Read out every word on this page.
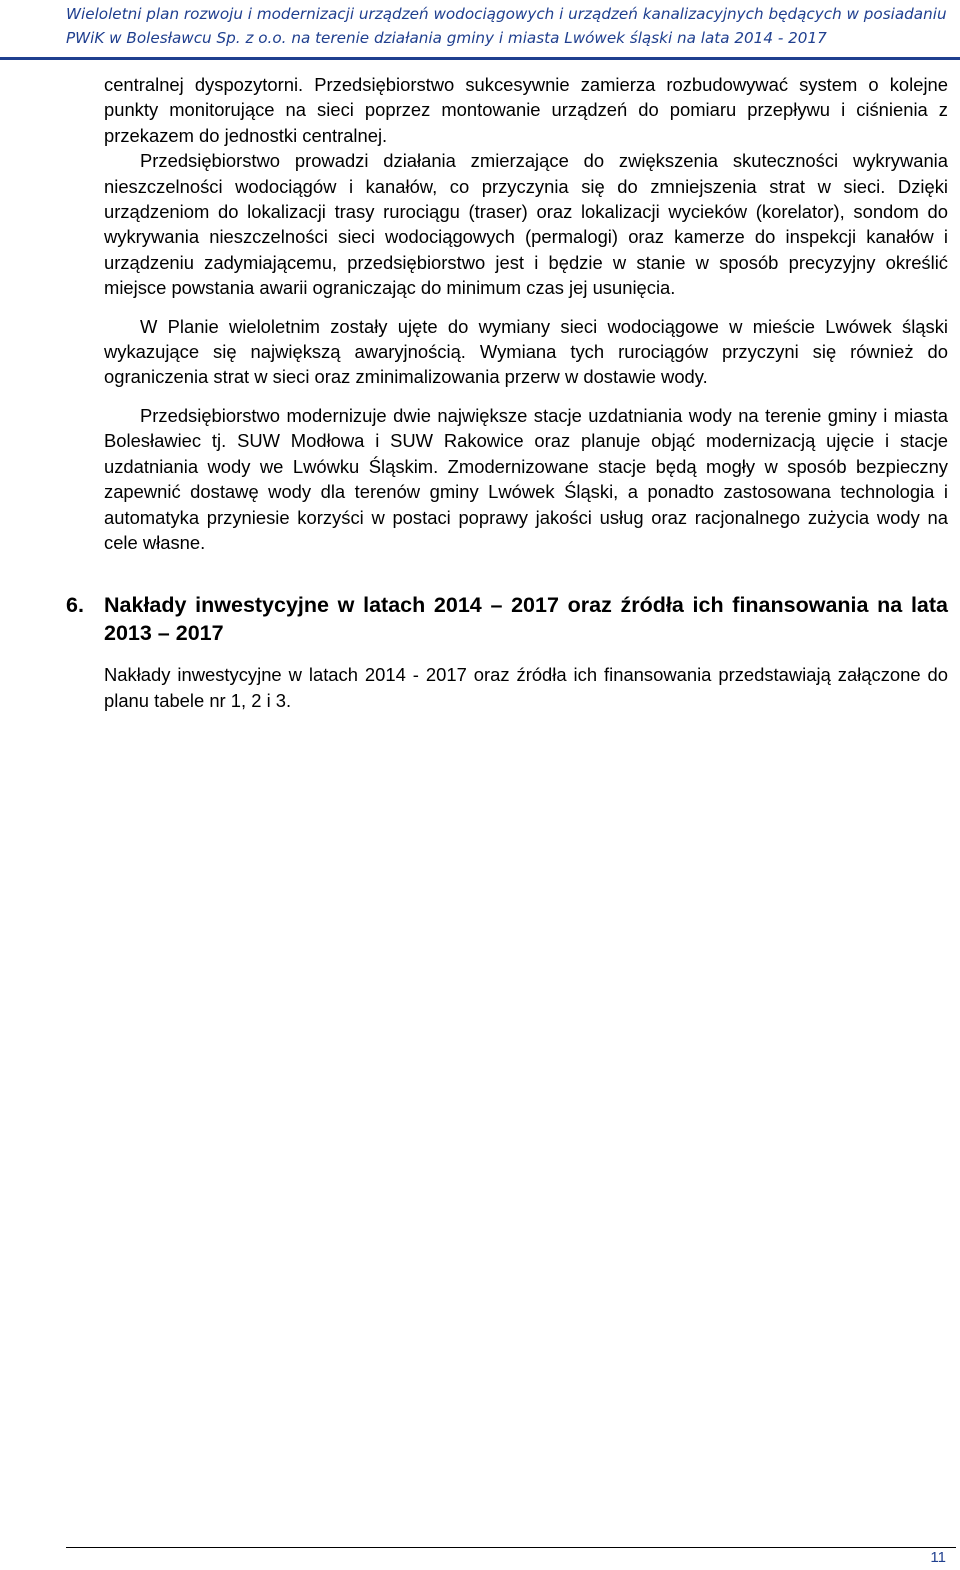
Wieloletni plan rozwoju i modernizacji urządzeń wodociągowych i urządzeń kanalizacyjnych będących w posiadaniu
PWiK w Bolesławcu Sp. z o.o. na terenie działania gminy i miasta Lwówek śląski na lata 2014 - 2017

centralnej dyspozytorni. Przedsiębiorstwo sukcesywnie zamierza rozbudowywać system o kolejne punkty monitorujące na sieci poprzez montowanie urządzeń do pomiaru przepływu i ciśnienia z przekazem do jednostki centralnej.

Przedsiębiorstwo prowadzi działania zmierzające do zwiększenia skuteczności wykrywania nieszczelności wodociągów i kanałów, co przyczynia się do zmniejszenia strat w sieci. Dzięki urządzeniom do lokalizacji trasy rurociągu (traser) oraz lokalizacji wycieków (korelator), sondom do wykrywania nieszczelności sieci wodociągowych (permalogi) oraz kamerze do inspekcji kanałów i urządzeniu zadymiającemu, przedsiębiorstwo jest i będzie w stanie w sposób precyzyjny określić miejsce powstania awarii ograniczając do minimum czas jej usunięcia.

W Planie wieloletnim zostały ujęte do wymiany sieci wodociągowe w mieście Lwówek śląski wykazujące się największą awaryjnością. Wymiana tych rurociągów przyczyni się również do ograniczenia strat w sieci oraz zminimalizowania przerw w dostawie wody.

Przedsiębiorstwo modernizuje dwie największe stacje uzdatniania wody na terenie gminy i miasta Bolesławiec tj. SUW Modłowa i SUW Rakowice oraz planuje objąć modernizacją ujęcie i stacje uzdatniania wody we Lwówku Śląskim. Zmodernizowane stacje będą mogły w sposób bezpieczny zapewnić dostawę wody dla terenów gminy Lwówek Śląski, a ponadto zastosowana technologia i automatyka przyniesie korzyści w postaci poprawy jakości usług oraz racjonalnego zużycia wody na cele własne.

6. Nakłady inwestycyjne w latach 2014 – 2017 oraz źródła ich finansowania na lata 2013 – 2017

Nakłady inwestycyjne w latach 2014 - 2017 oraz źródła ich finansowania przedstawiają załączone do planu tabele nr 1, 2 i 3.

11
